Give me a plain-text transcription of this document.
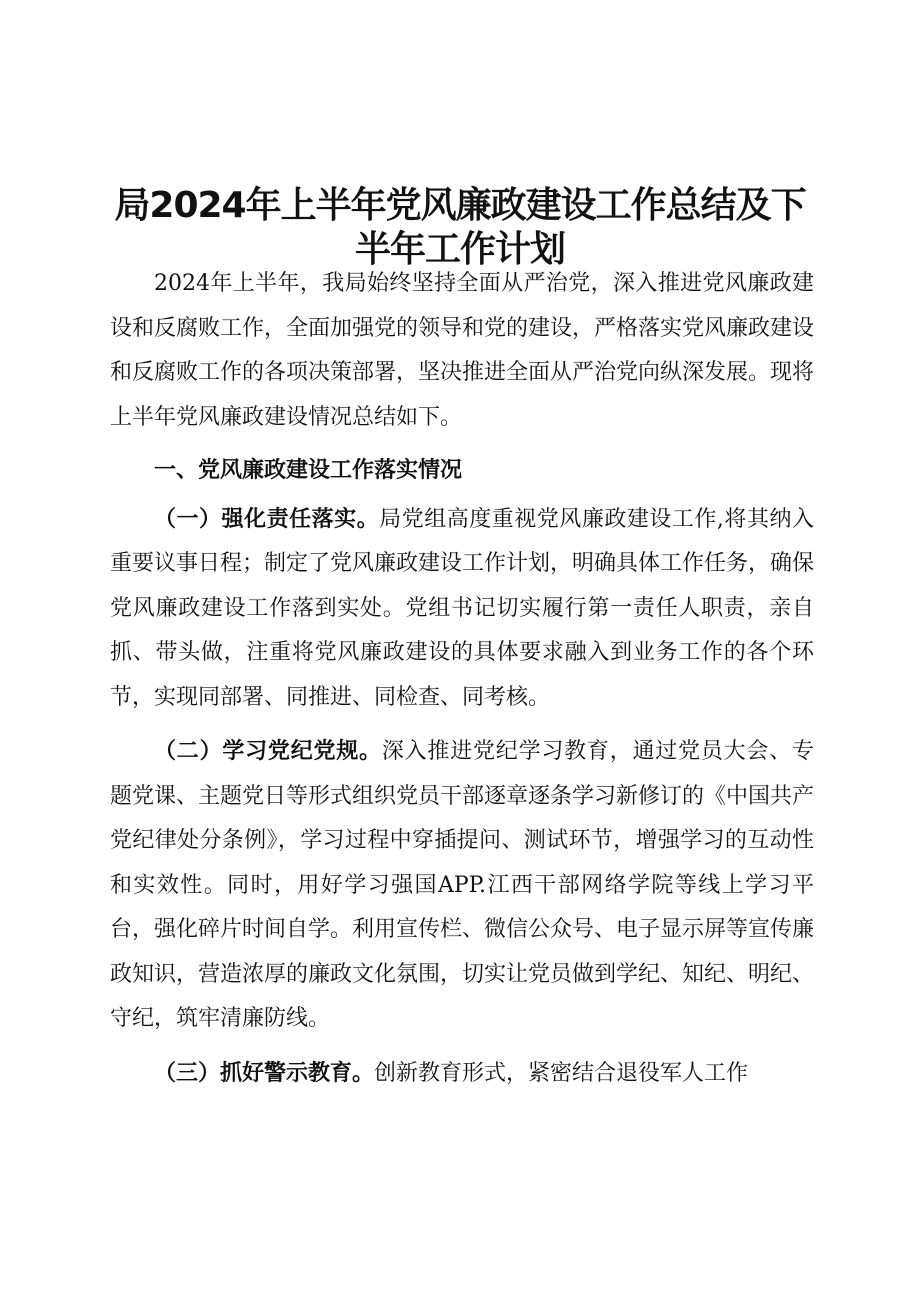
局2024年上半年党风廉政建设工作总结及下
半年工作计划

2024年上半年，我局始终坚持全面从严治党，深入推进党风廉政建设和反腐败工作，全面加强党的领导和党的建设，严格落实党风廉政建设和反腐败工作的各项决策部署，坚决推进全面从严治党向纵深发展。现将上半年党风廉政建设情况总结如下。

一、党风廉政建设工作落实情况

（一）强化责任落实。局党组高度重视党风廉政建设工作,将其纳入重要议事日程；制定了党风廉政建设工作计划，明确具体工作任务，确保党风廉政建设工作落到实处。党组书记切实履行第一责任人职责，亲自抓、带头做，注重将党风廉政建设的具体要求融入到业务工作的各个环节，实现同部署、同推进、同检查、同考核。

（二）学习党纪党规。深入推进党纪学习教育，通过党员大会、专题党课、主题党日等形式组织党员干部逐章逐条学习新修订的《中国共产党纪律处分条例》，学习过程中穿插提问、测试环节，增强学习的互动性和实效性。同时，用好学习强国APP.江西干部网络学院等线上学习平台，强化碎片时间自学。利用宣传栏、微信公众号、电子显示屏等宣传廉政知识，营造浓厚的廉政文化氛围，切实让党员做到学纪、知纪、明纪、守纪，筑牢清廉防线。

（三）抓好警示教育。创新教育形式，紧密结合退役军人工作
